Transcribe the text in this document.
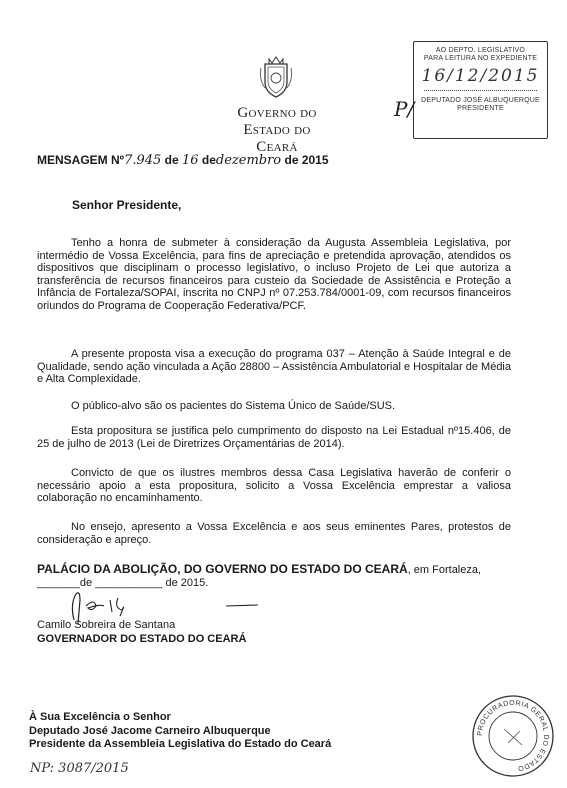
Governo do
Estado do Ceará
AO DEPTO. LEGISLATIVO
PARA LEITURA NO EXPEDIENTE
16/12/2015
DEPUTADO JOSÉ ALBUQUERQUE
PRESIDENTE
P/
MENSAGEM Nº7.945 de 16 dedezembro de 2015
Senhor Presidente,
Tenho a honra de submeter à consideração da Augusta Assembleia Legislativa, por intermédio de Vossa Excelência, para fins de apreciação e pretendida aprovação, atendidos os dispositivos que disciplinam o processo legislativo, o incluso Projeto de Lei que autoriza a transferência de recursos financeiros para custeio da Sociedade de Assistência e Proteção a Infância de Fortaleza/SOPAI, inscrita no CNPJ nº 07.253.784/0001-09, com recursos financeiros oriundos do Programa de Cooperação Federativa/PCF.
A presente proposta visa a execução do programa 037 – Atenção à Saúde Integral e de Qualidade, sendo ação vinculada a Ação 28800 – Assistência Ambulatorial e Hospitalar de Média e Alta Complexidade.
O público-alvo são os pacientes do Sistema Único de Saúde/SUS.
Esta propositura se justifica pelo cumprimento do disposto na Lei Estadual nº15.406, de 25 de julho de 2013 (Lei de Diretrizes Orçamentárias de 2014).
Convicto de que os ilustres membros dessa Casa Legislativa haverão de conferir o necessário apoio a esta propositura, solicito a Vossa Excelência emprestar a valiosa colaboração no encaminhamento.
No ensejo, apresento a Vossa Excelência e aos seus eminentes Pares, protestos de consideração e apreço.
PALÁCIO DA ABOLIÇÃO, DO GOVERNO DO ESTADO DO CEARÁ, em Fortaleza,
_______de ___________ de 2015.
Camilo Sobreira de Santana
GOVERNADOR DO ESTADO DO CEARÁ
À Sua Excelência o Senhor
Deputado José Jacome Carneiro Albuquerque
Presidente da Assembleia Legislativa do Estado do Ceará
NP: 3087/2015
PROCURADORIA GERAL DO ESTADO
